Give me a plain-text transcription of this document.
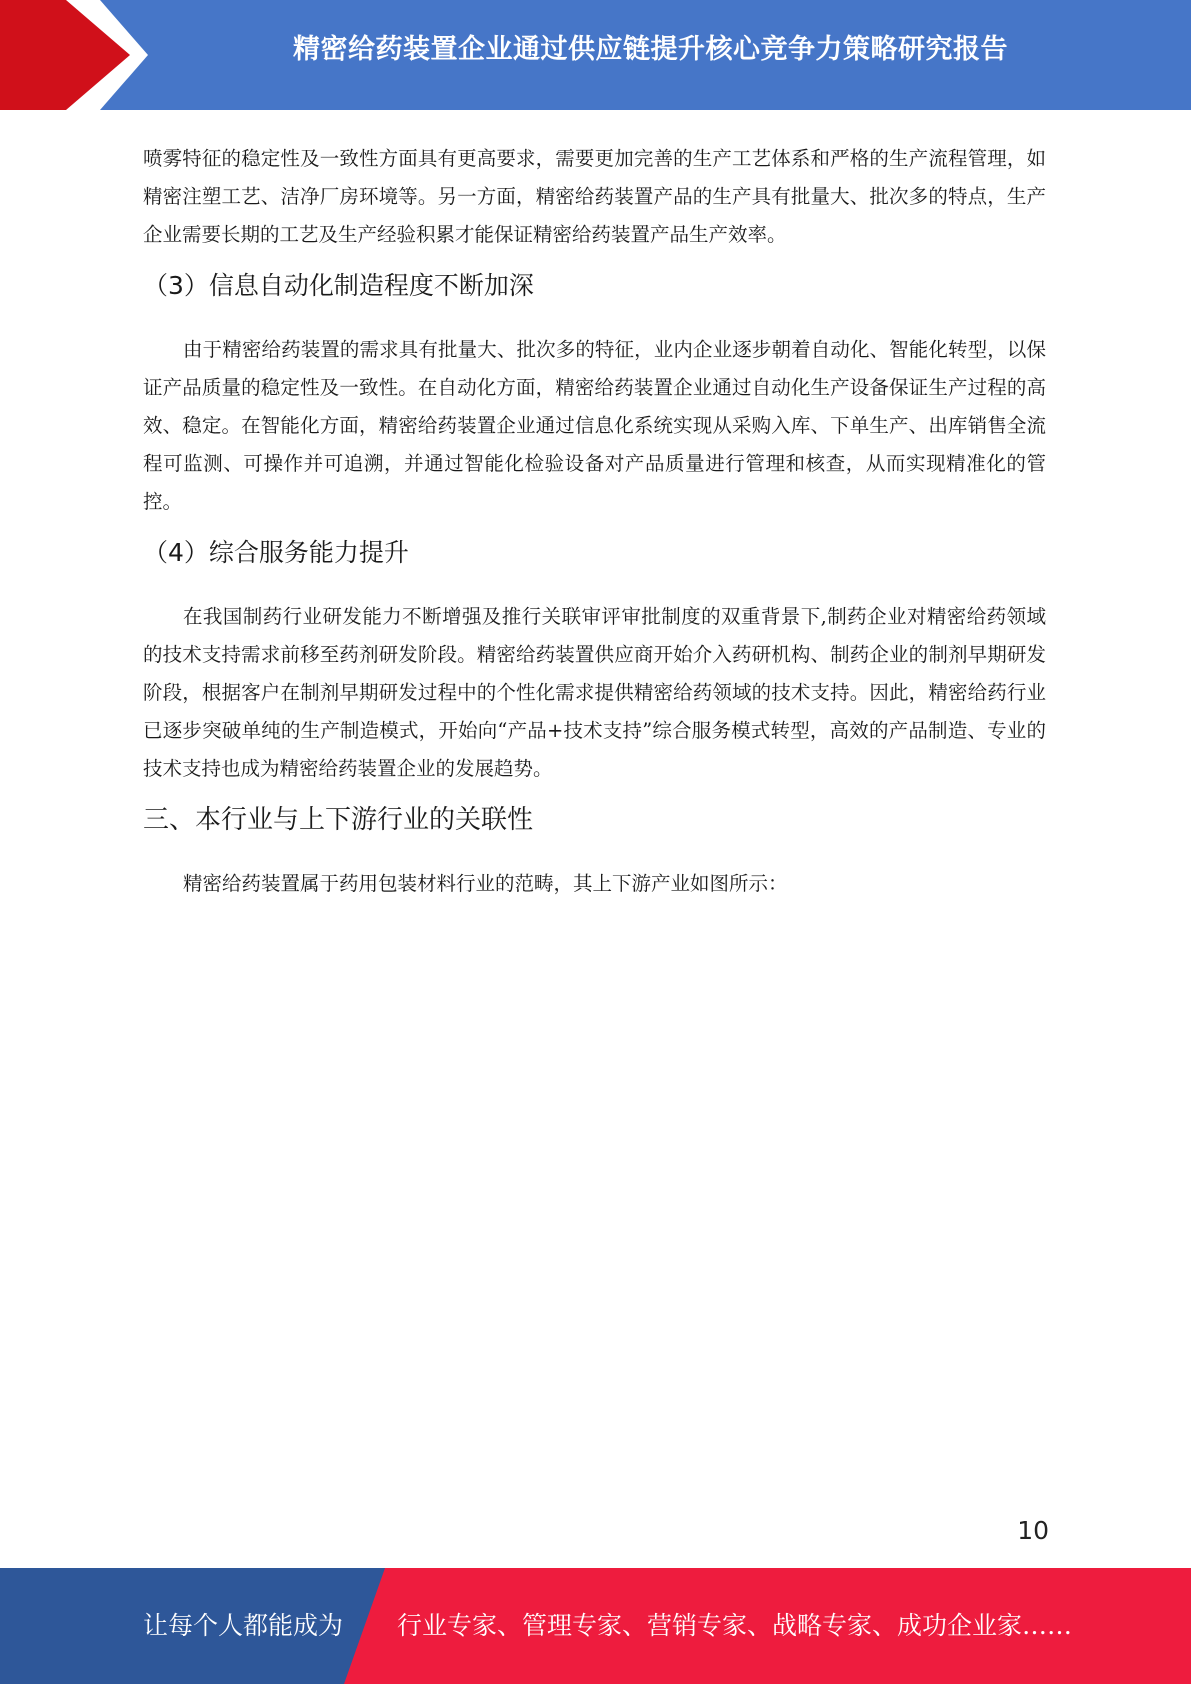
精密给药装置企业通过供应链提升核心竞争力策略研究报告

喷雾特征的稳定性及一致性方面具有更高要求，需要更加完善的生产工艺体系和严格的生产流程管理，如精密注塑工艺、洁净厂房环境等。另一方面，精密给药装置产品的生产具有批量大、批次多的特点，生产企业需要长期的工艺及生产经验积累才能保证精密给药装置产品生产效率。

（3）信息自动化制造程度不断加深

由于精密给药装置的需求具有批量大、批次多的特征，业内企业逐步朝着自动化、智能化转型，以保证产品质量的稳定性及一致性。在自动化方面，精密给药装置企业通过自动化生产设备保证生产过程的高效、稳定。在智能化方面，精密给药装置企业通过信息化系统实现从采购入库、下单生产、出库销售全流程可监测、可操作并可追溯，并通过智能化检验设备对产品质量进行管理和核查，从而实现精准化的管控。

（4）综合服务能力提升

在我国制药行业研发能力不断增强及推行关联审评审批制度的双重背景下,制药企业对精密给药领域的技术支持需求前移至药剂研发阶段。精密给药装置供应商开始介入药研机构、制药企业的制剂早期研发阶段，根据客户在制剂早期研发过程中的个性化需求提供精密给药领域的技术支持。因此，精密给药行业已逐步突破单纯的生产制造模式，开始向“产品+技术支持”综合服务模式转型，高效的产品制造、专业的技术支持也成为精密给药装置企业的发展趋势。

三、本行业与上下游行业的关联性

精密给药装置属于药用包装材料行业的范畴，其上下游产业如图所示：

10
让每个人都能成为 行业专家、管理专家、营销专家、战略专家、成功企业家……
